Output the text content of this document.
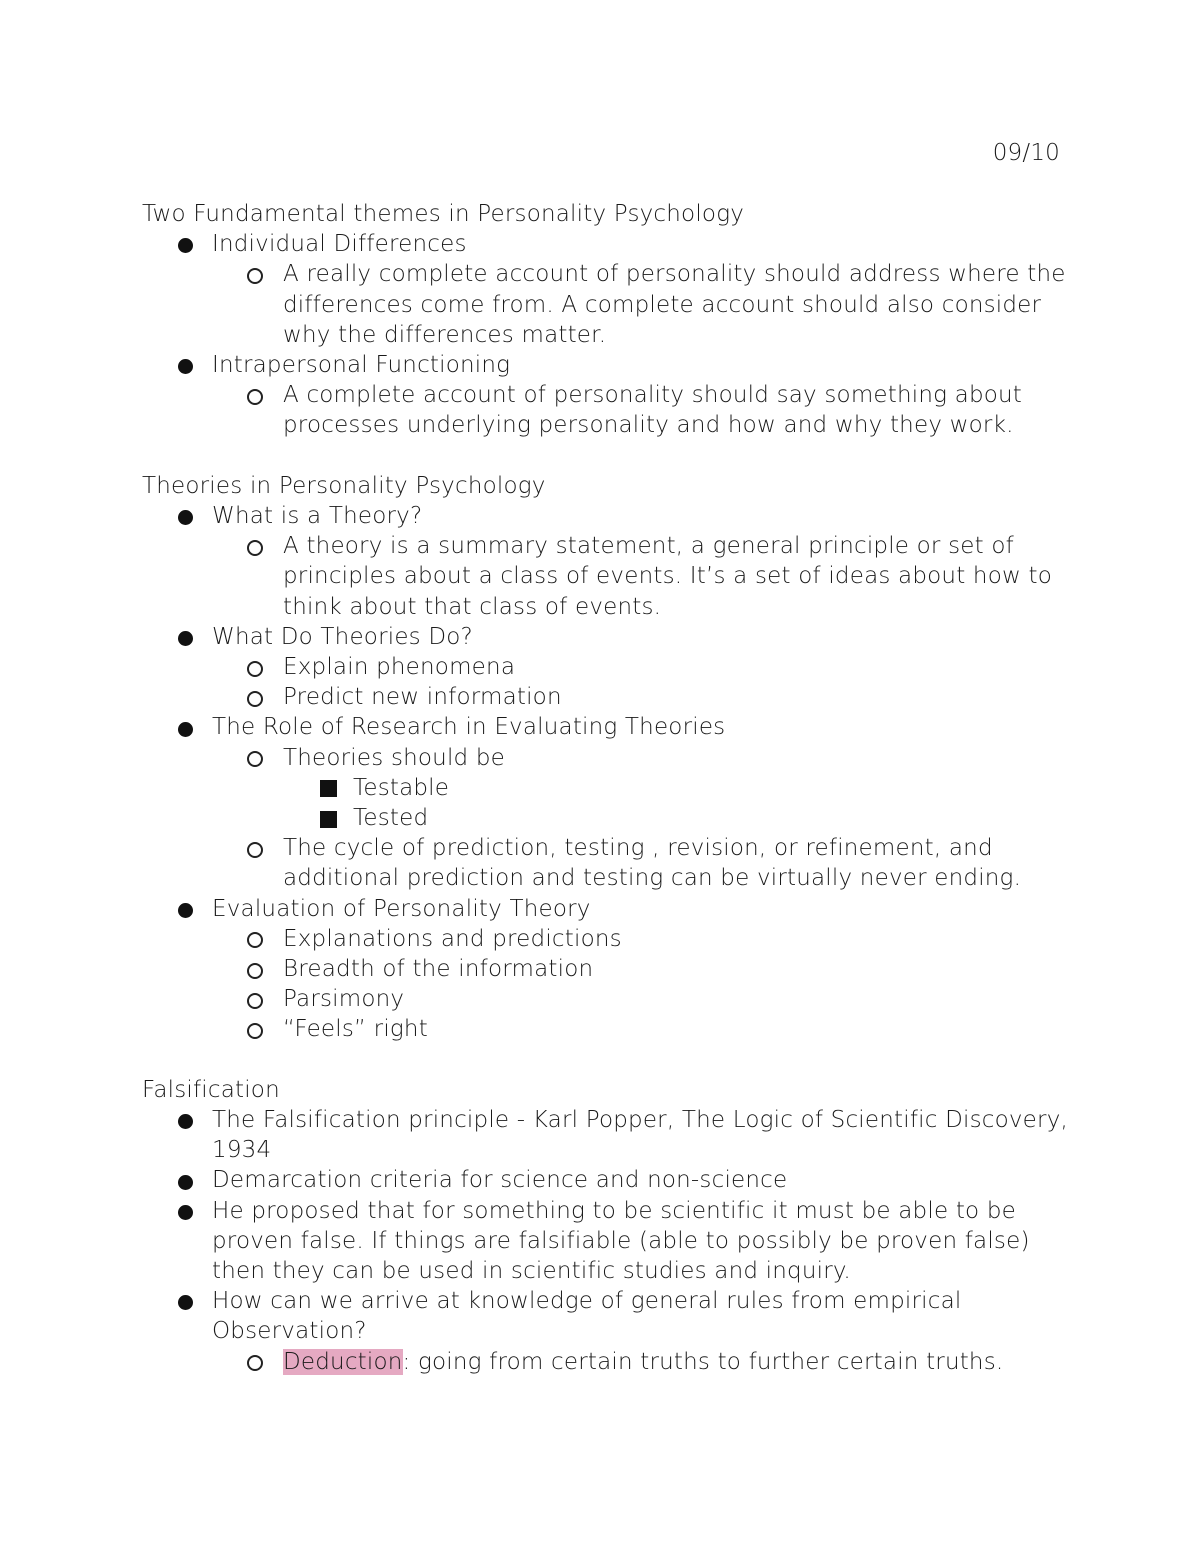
09/10
Two Fundamental themes in Personality Psychology
Individual Differences
A really complete account of personality should address where the differences come from. A complete account should also consider why the differences matter.
Intrapersonal Functioning
A complete account of personality should say something about processes underlying personality and how and why they work.
Theories in Personality Psychology
What is a Theory?
A theory is a summary statement, a general principle or set of principles about a class of events. It’s a set of ideas about how to think about that class of events.
What Do Theories Do?
Explain phenomena
Predict new information
The Role of Research in Evaluating Theories
Theories should be
Testable
Tested
The cycle of prediction, testing , revision, or refinement, and additional prediction and testing can be virtually never ending.
Evaluation of Personality Theory
Explanations and predictions
Breadth of the information
Parsimony
“Feels” right
Falsification
The Falsification principle - Karl Popper, The Logic of Scientific Discovery, 1934
Demarcation criteria for science and non-science
He proposed that for something to be scientific it must be able to be proven false. If things are falsifiable (able to possibly be proven false) then they can be used in scientific studies and inquiry.
How can we arrive at knowledge of general rules from empirical Observation?
Deduction: going from certain truths to further certain truths.
